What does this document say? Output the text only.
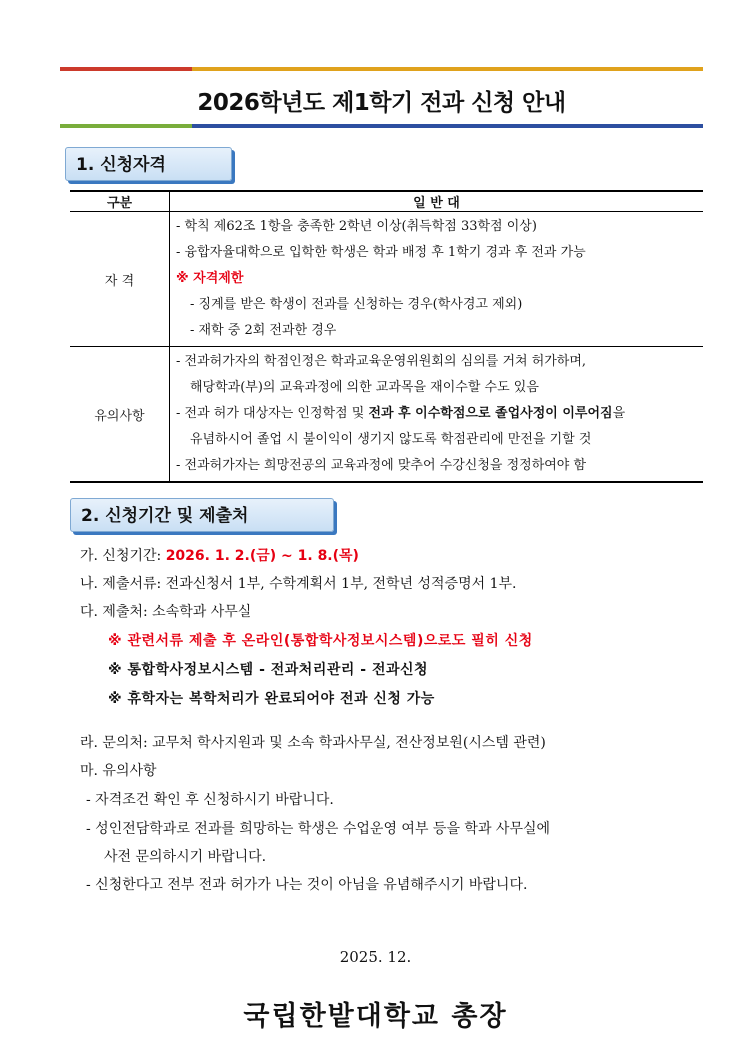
2026학년도 제1학기 전과 신청 안내
1. 신청자격
구분	일 반 대
자 격	- 학칙 제62조 1항을 충족한 2학년 이상(취득학점 33학점 이상)
- 융합자율대학으로 입학한 학생은 학과 배정 후 1학기 경과 후 전과 가능
※ 자격제한
- 징계를 받은 학생이 전과를 신청하는 경우(학사경고 제외)
- 재학 중 2회 전과한 경우

유의사항	- 전과허가자의 학점인정은 학과교육운영위원회의 심의를 거쳐 허가하며,
해당학과(부)의 교육과정에 의한 교과목을 재이수할 수도 있음
- 전과 허가 대상자는 인정학점 및 전과 후 이수학점으로 졸업사정이 이루어짐을
유념하시어 졸업 시 불이익이 생기지 않도록 학점관리에 만전을 기할 것
- 전과허가자는 희망전공의 교육과정에 맞추어 수강신청을 정정하여야 함
2. 신청기간 및 제출처
가. 신청기간: 2026. 1. 2.(금) ~ 1. 8.(목)
나. 제출서류: 전과신청서 1부, 수학계획서 1부, 전학년 성적증명서 1부.
다. 제출처: 소속학과 사무실
※ 관련서류 제출 후 온라인(통합학사정보시스템)으로도 필히 신청
※ 통합학사정보시스템 - 전과처리관리 - 전과신청
※ 휴학자는 복학처리가 완료되어야 전과 신청 가능
라. 문의처: 교무처 학사지원과 및 소속 학과사무실, 전산정보원(시스템 관련)
마. 유의사항
- 자격조건 확인 후 신청하시기 바랍니다.
- 성인전담학과로 전과를 희망하는 학생은 수업운영 여부 등을 학과 사무실에
사전 문의하시기 바랍니다.
- 신청한다고 전부 전과 허가가 나는 것이 아님을 유념해주시기 바랍니다.
2025. 12.
국립한밭대학교 총장
